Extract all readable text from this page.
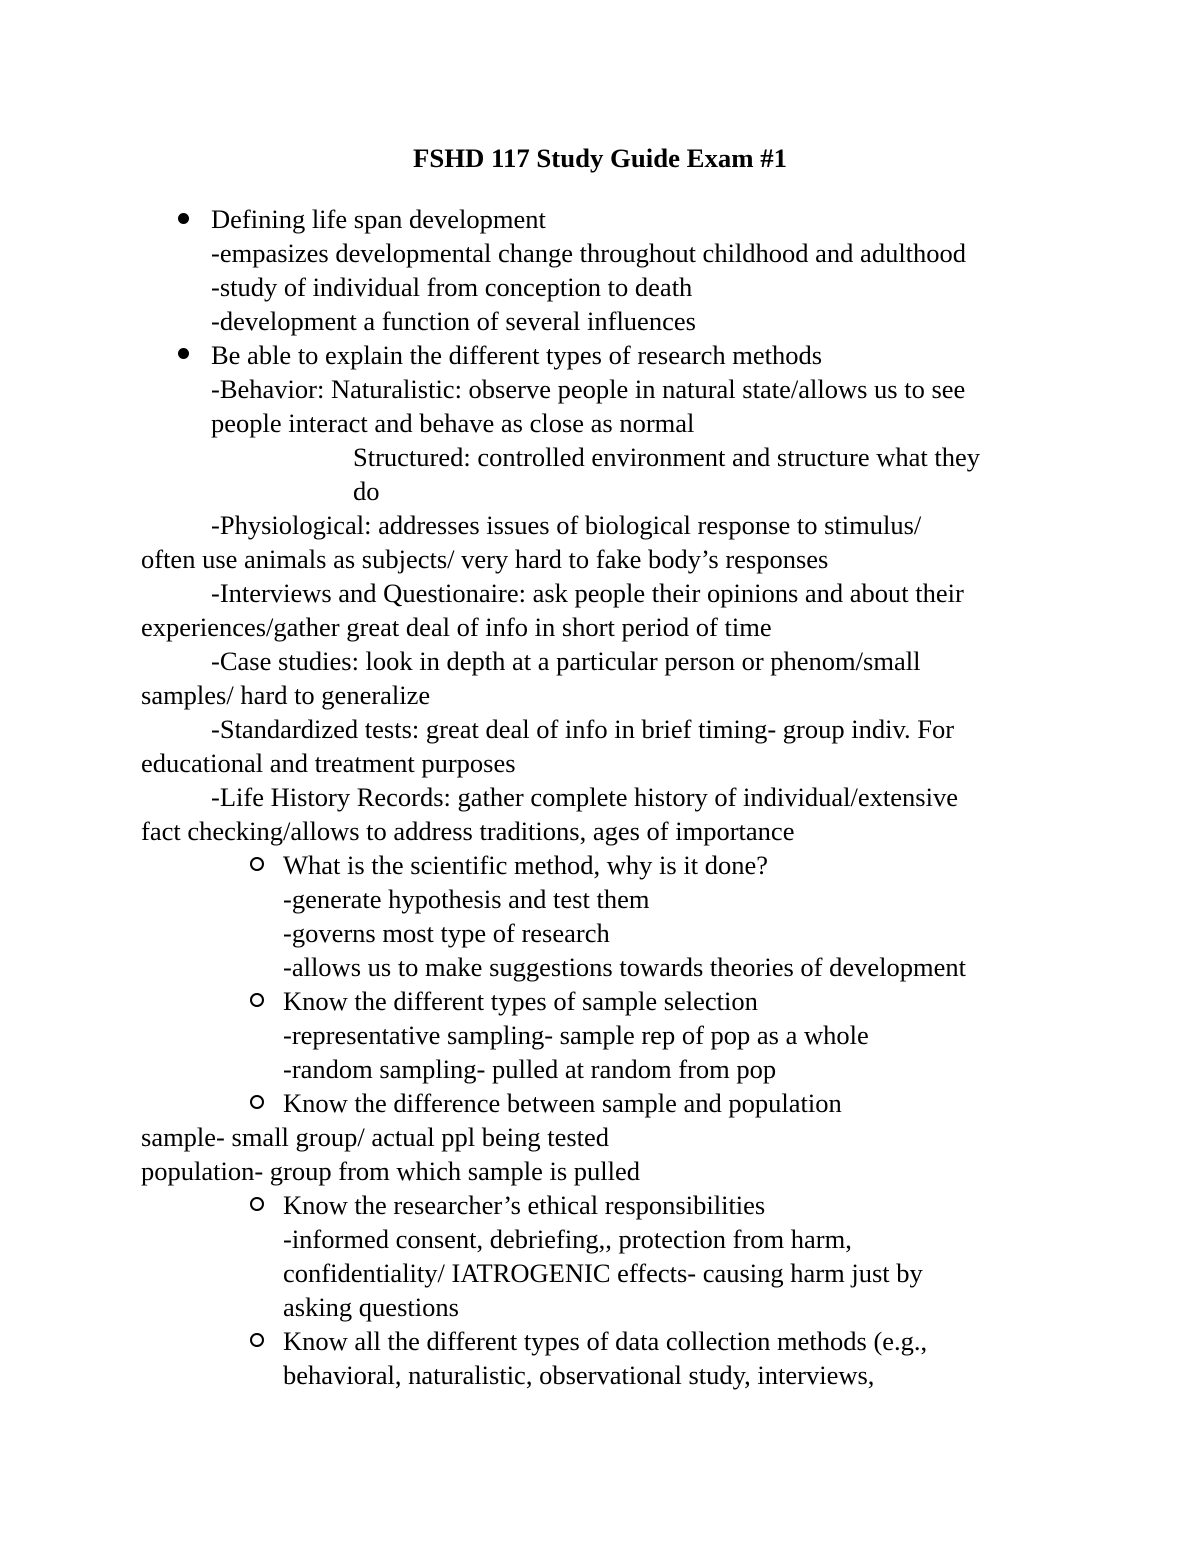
FSHD 117 Study Guide Exam #1
Defining life span development
-empasizes developmental change throughout childhood and adulthood
-study of individual from conception to death
-development a function of several influences
Be able to explain the different types of research methods
-Behavior: Naturalistic: observe people in natural state/allows us to see
people interact and behave as close as normal
Structured: controlled environment and structure what they
do
-Physiological: addresses issues of biological response to stimulus/
often use animals as subjects/ very hard to fake body’s responses
-Interviews and Questionaire: ask people their opinions and about their
experiences/gather great deal of info in short period of time
-Case studies: look in depth at a particular person or phenom/small
samples/ hard to generalize
-Standardized tests: great deal of info in brief timing- group indiv. For
educational and treatment purposes
-Life History Records: gather complete history of individual/extensive
fact checking/allows to address traditions, ages of importance
What is the scientific method, why is it done?
-generate hypothesis and test them
-governs most type of research
-allows us to make suggestions towards theories of development
Know the different types of sample selection
-representative sampling- sample rep of pop as a whole
-random sampling- pulled at random from pop
Know the difference between sample and population
sample- small group/ actual ppl being tested
population- group from which sample is pulled
Know the researcher’s ethical responsibilities
-informed consent, debriefing,, protection from harm,
confidentiality/ IATROGENIC effects- causing harm just by
asking questions
Know all the different types of data collection methods (e.g.,
behavioral, naturalistic, observational study, interviews,
